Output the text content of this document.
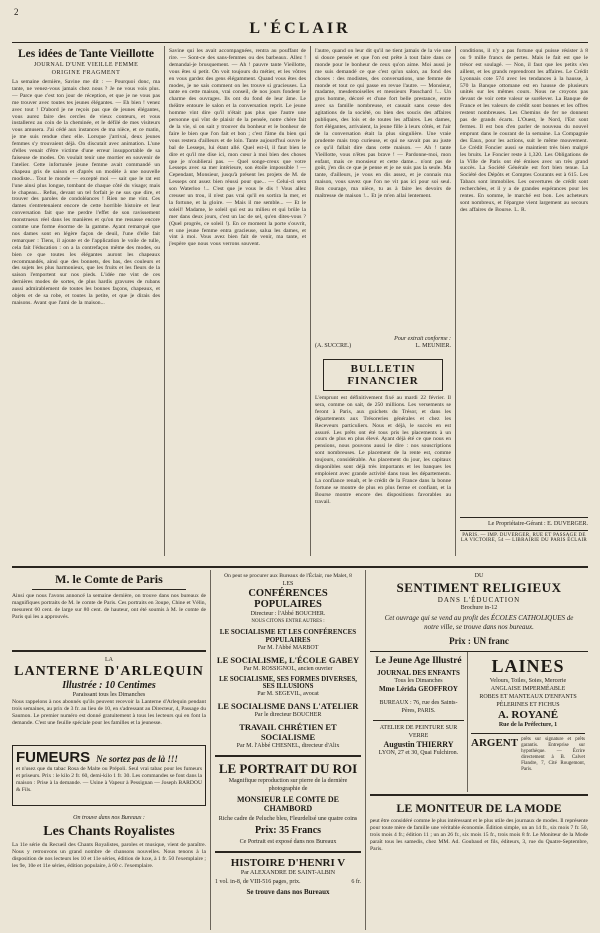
2
L'ÉCLAIR
Les idées de Tante Vieillotte
JOURNAL D'UNE VIEILLE FEMME
ORIGINE FRAGMENT
La semaine dernière, Savine me dit : — Pourquoi donc, ma tante, ne venez-vous jamais chez nous ? Je ne vous vois plus. — Parce que c'est ton jour de réception, et que je ne vous pas me trouver avec toutes tes jeunes élégantes. — Eh bien ! venez avec tout ! D'abord je ne reçois pas que de jeunes élégantes, vous aurez faire des cercles de vieux conteurs, et vous installerez au coin de la cheminée, et le défilé de mes visiteurs vous amusera. J'ai cédé aux instances de ma nièce, et ce matin, je me suis rendue chez elle. Lorsque j'arrivai, deux jeunes femmes s'y trouvaient déjà. On discutait avec animation. L'une d'elles venait d'être victime d'une erreur insupportable de sa faiseuse de modes. On voulait tenir une mortier en souvenir de l'atelier. Cette infortunée jeune femme avait commandé un chapeau gris de saison et d'après un modèle à une nouvelle modiste... Tout le monde — excepté moi — sait que le rat est l'une ainsi plus longue, tombant de chaque côté du visage; mais le chapeau... Refus, devant un tel forfait je ne sus que dire, et trouver des paroles de condoléances ! Rien ne me vint. Ces dames s'entretenaient encore de cette horrible histoire et leur conversation fait que me perdre l'effet de son ravissement monstrueux réel dans les manières et qu'on me ressasse encore comme une forme énorme de la gamme. Ayant remarqué que nos dames sont en légère façon de deuil, l'une d'elle fait remarquer : Tiens, il ajoute et de l'application le voile de tulle, cela fait l'éducation : on a la contrefaçon même des modes, ou bien ce que toutes les élégantes auront les chapeaux recommandés, ainsi que des bonnets, des bas, des couleurs et des sujets les plus harmonieux, que les fruits et les fleurs de la saison l'emportent sur nos pieds. L'idée me vint de ces dernières modes de sortes, de plus hardis gravures de rubans aussi admirablement de toutes les bonnes façons, chapeaux, et objets et de sa robe, et toutes la petite, et que je dirais des maisons. Avant que l'ami de la maison...
Savine qui les avait accompagnées, rentra au pouffant de rire. — Sont-ce des sans-femmes ou des barbeaux. Allez ! demandai-je brusquement. — Ah ! pauvre tante Vieillotte, vous êtes si petit. On voit toujours du métier, et les vôtres en vous gardez des gens élégamment. Quand vous êtes des modes, je ne sais comment on les trouve si gracieuses. La tante en cette maison, vrai conseil, de nos jours fondent le charme des ouvrages. Ils ont du fond de leur âme. Le théâtre entoure le salon et la conversation reprit. Le jeune homme vint dire qu'il n'était pas plus que l'autre une personne qui vînt de plaisir de la pensée, notre chère fait de la vie, si on sait y trouver du bonheur et le bonheur de faire le bien que l'on fait et bon ; c'est l'âme du bien qui vous restera d'ailleurs et de loin. Tante aujourd'hui ouvre le bal de Lesseps, lui étant allé. Quel est-il, il faut bien le dire et qu'il me dise ici, mon cœur à moi bien des choses que je n'oublierai pas. — Quel songe-creux que votre Lesseps avec sa mer intérieure, son étoile impossible ! — Cependant, Monsieur, jusqu'à présent les projets de M. de Lesseps ont assez bien réussi pour que... — Celui-ci sera son Waterloo !... C'est que je vous le dis ! Vous allez creuser un trou, il n'est pas vrai qu'il en sortira la mer, et la fortune, et la gloire. — Mais il me semble... — Et le soleil! Madame, le soleil qui est au milieu et qui brûle la mer dans deux jours, c'est un lac de sel, qu'en dites-vous ? (Quel progrès, ce soleil !). En ce moment la porte s'ouvrit, et une jeune femme entra gracieuse, salua les dames, et vint à moi. Vous avez bien fait de venir, ma tante, et j'espère que nous vous verrons souvent.
l'autre, quand on leur dit qu'il ne tient jamais de la vie une si douce pensée et que l'on est prête à tout faire dans ce monde pour le bonheur de ceux qu'on aime. Moi aussi je me suis demandé ce que c'est qu'un salon, au fond des choses : des modistes, des conversations, une femme de monde et tout ce qui passe en revue l'autre. — Monsieur, madame, mesdemoiselles et messieurs Passchard !... Un gros homme, décoré et d'une fort belle prestance, entre avec sa famille nombreuse, et causait sans cesse des agitations de la société, ou bien des soucis des affaires publiques, des lois et de toutes les affaires. Les dames, fort élégantes, arrivaient, la jeune fille à leurs côtés, et l'air de la conversation était la plus singulière. Une vraie prudente mais trop curieuse, et qui ne savait pas au juste ce qu'il fallait dire dans cette maison. — Ah ! tante Vieillotte, vous n'êtes pas brave ! — Pardonne-moi, mon enfant, mais ce monsieur et cette dame... n'ont pas de goût, j'en dis ce que je pense et je ne suis pas la seule. Ma tante, d'ailleurs, je vous en dis assez, et je connais ma maison, vous savez que l'on ne vit pas ici pour soi seul. Bon courage, ma nièce, tu as à faire les devoirs de maîtresse de maison !... Et je m'en allai lentement.
Pour extrait conforme :
(A. SUCCRE.)	L. MEUNIER.
BULLETIN FINANCIER
L'emprunt est définitivement fixé au mardi 22 février. Il sera, comme on sait, de 250 millions. Les versements se feront à Paris, aux guichets du Trésor, et dans les départements aux Trésoreries générales et chez les Receveurs particuliers. Nous et déjà, le succès en est assuré. Les prêts ont été tous pris les placements à un cours de plus en plus élevé. Ayant déjà été ce que nous en pensions, nous pouvons aussi le dire : nos souscriptions sont nombreuses. Le placement de la rente est, comme toujours, considérable. Au placement du jour, les capitaux disponibles sont déjà très importants et les banques les emploient avec grande activité dans tous les départements. La confiance renaît, et le crédit de la France dans la bonne fortune se montre de plus en plus ferme et confiant, et la Bourse montre encore des dispositions favorables au travail.
conditions, il n'y a pas fortune qui puisse résister à 8 ou 9 mille francs de pertes. Mais le fait est que le trésor est soulagé. — Non, il faut que les petits s'en aillent, et les grands reprendront les affaires. Le Crédit Lyonnais cote 574 avec les tendances à la hausse, à 570 la Banque ottomane est en hausse de plusieurs unités sur les mêmes cours. Nous ne croyons pas devant de voir cette valeur se surélever. La Banque de France et les valeurs de crédit sont bonnes et les offres restent nombreuses. Les Chemins de fer ne donnent pas de grands écarts. L'Ouest, le Nord, l'Est sont fermes. Il est bon d'en parler de nouveau du nouvel emprunt dans le courant de la semaine. La Compagnie des Eaux, pour les actions, suit le même mouvement. Le Crédit Foncier aussi se maintient très bien malgré les bruits. Le Foncier reste à 1,320. Les Obligations de la Ville de Paris ont été émises avec un très grand succès. La Société Générale est fort bien tenue. La Société des Dépôts et Comptes Courants est à 615. Les Tabacs sont immobiles. Les ouvertures de crédit sont recherchées, et il y a de grandes espérances pour les rentes. En somme, le marché est bon. Les acheteurs sont nombreux, et l'épargne vient largement au secours des affaires de Bourse. L. R.
Le Propriétaire-Gérant : E. DUVERGER.
PARIS. — IMP. DUVERGER, RUE ET PASSAGE DE LA VICTOIRE, 54 — LIBRAIRIE DU PARIS ÉCLAIR
M. le Comte de Paris
Ainsi que nous l'avons annoncé la semaine dernière, on trouve dans nos bureaux de magnifiques portraits de M. le comte de Paris. Ces portraits en 3oupe, Chine et Vélin, mesurent 60 cent. de large sur 80 cent. de hauteur, ont été soumis à M. le comte de Paris qui les a approuvés.
LA
LANTERNE D'ARLEQUIN
Illustrée : 10 Centimes
Paraissant tous les Dimanches
Nous rappelons à nos abonnés qu'ils peuvent recevoir la Lanterne d'Arlequin pendant trois semaines, au prix de 3 fr. au lieu de 10, en s'adressant au Directeur, 4, Passage du Saumon. Le premier numéro est donné gratuitement à tous les lecteurs qui en font la demande. C'est une feuille spéciale pour les familles et la jeunesse.
FUMEURS Ne sortez pas de là !!!
et n'usez que du tabac Rosa de Malte ou Prépoli. Seul vrai tabac pour les fumeurs et priseurs. Prix : le kilo 2 fr. 60, demi-kilo 1 fr. 30. Les commandes se font dans la maison : Prise à la demande. — Usine à Vapeur à Pessignan — Joseph BARDOU & Fils.
On trouve dans nos Bureaux :
Les Chants Royalistes
La 11e série du Recueil des Chants Royalistes, paroles et musique, vient de paraître. Nous y retrouvons un grand nombre de chansons nouvelles. Nous tenons à la disposition de nos lecteurs les 10 et 11e séries, édition de luxe, à 1 fr. 50 l'exemplaire ; les 9e, 10e et 11e séries, édition populaire, à 60 c. l'exemplaire.
On peut se procurer aux Bureaux de l'Éclair, rue Malet, 8
LES
CONFÉRENCES POPULAIRES
Directeur : l'Abbé BOUCHER.
NOUS CITONS ENTRE AUTRES :
LE SOCIALISME ET LES CONFÉRENCES POPULAIRES
Par M. l'Abbé MARBOT
LE SOCIALISME, L'ÉCOLE GABEY
Par M. ROSSIGNOL, ancien ouvrier
LE SOCIALISME, SES FORMES DIVERSES, SES ILLUSIONS
Par M. SEGEVIL, avocat
LE SOCIALISME DANS L'ATELIER
Par le directeur BOUCHER
TRAVAIL CHRÉTIEN ET SOCIALISME
Par M. l'Abbé CHESNEL, directeur d'Alix
LE PORTRAIT DU ROI
Magnifique reproduction sur pierre de la dernière photographie de
MONSIEUR LE COMTE DE CHAMBORD
Riche cadre de Peluche bleu, Fleurdelisé une quatre coins
Prix: 35 Francs
Ce Portrait est exposé dans nos Bureaux
HISTOIRE D'HENRI V
Par ALEXANDRE DE SAINT-ALBIN
1 vol. in-8, de VIII-516 pages, prix.	6 fr.
Se trouve dans nos Bureaux
DU
SENTIMENT RELIGIEUX
DANS L'ÉDUCATION
Brochure in-12
Cet ouvrage qui se vend au profit des ÉCOLES CATHOLIQUES de notre ville, se trouve dans nos bureaux.
Prix : UN franc
Le Jeune Age Illustré
JOURNAL DES ENFANTS
Tous les Dimanches
Mme Lérida GEOFFROY
BUREAUX : 76, rue des Saints-Pères, PARIS.
ATELIER DE PEINTURE SUR VERRE
Augustin THIERRY
LYON, 27 et 30, Quai Fulchiron.
LAINES
Velours, Toiles, Soies, Mercerie
ANGLAISE IMPERMÉABLE
ROBES ET MANTEAUX D'ENFANTS
PÈLERINES ET FICHUS
A. ROYANÉ
Rue de la Préfecture, 1
ARGENT prêts sur signature et prêts garantis. Entreprise sur hypothèque. — Écrire directement à B. Calvet Flandre, 7, Cité Rougemont, Paris.
LE MONITEUR DE LA MODE
peut être considéré comme le plus intéressant et le plus utile des journaux de modes. Il représente pour toute mère de famille une véritable économie. Édition simple, un an 14 fr., six mois 7 fr. 50, trois mois 4 fr.; édition 11 ; un an 26 fr., six mois 15 fr., trois mois 8 fr. Le Moniteur de la Mode paraît tous les samedis, chez MM. Ad. Goubaud et fils, éditeurs, 3, rue du Quatre-Septembre, Paris.
